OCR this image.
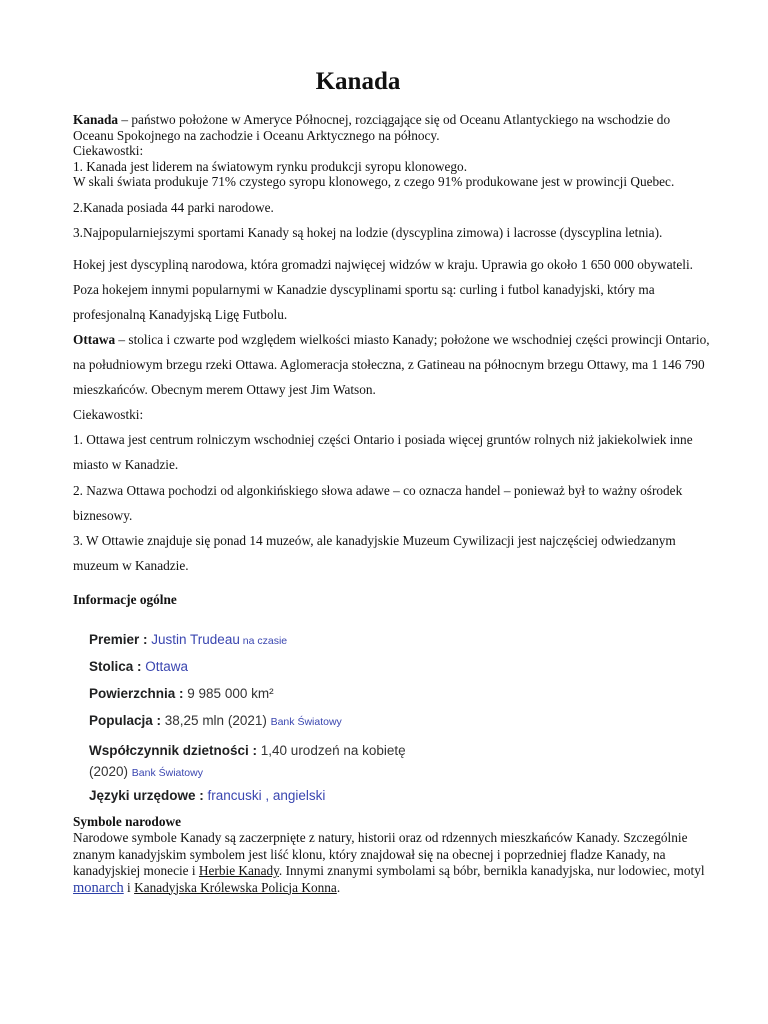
Kanada

Kanada – państwo położone w Ameryce Północnej, rozciągające się od Oceanu Atlantyckiego na wschodzie do Oceanu Spokojnego na zachodzie i Oceanu Arktycznego na północy.
Ciekawostki:
1. Kanada jest liderem na światowym rynku produkcji syropu klonowego.
W skali świata produkuje 71% czystego syropu klonowego, z czego 91% produkowane jest w prowincji Quebec.

2.Kanada posiada 44 parki narodowe.

3.Najpopularniejszymi sportami Kanady są hokej na lodzie (dyscyplina zimowa) i lacrosse (dyscyplina letnia).

Hokej jest dyscypliną narodowa, która gromadzi najwięcej widzów w kraju. Uprawia go około 1 650 000 obywateli. Poza hokejem innymi popularnymi w Kanadzie dyscyplinami sportu są: curling i futbol kanadyjski, który ma profesjonalną Kanadyjską Ligę Futbolu.

Ottawa – stolica i czwarte pod względem wielkości miasto Kanady; położone we wschodniej części prowincji Ontario, na południowym brzegu rzeki Ottawa. Aglomeracja stołeczna, z Gatineau na północnym brzegu Ottawy, ma 1 146 790 mieszkańców. Obecnym merem Ottawy jest Jim Watson.

Ciekawostki:

1. Ottawa jest centrum rolniczym wschodniej części Ontario i posiada więcej gruntów rolnych niż jakiekolwiek inne miasto w Kanadzie.

2. Nazwa Ottawa pochodzi od algonkińskiego słowa adawe – co oznacza handel – ponieważ był to ważny ośrodek biznesowy.

3. W Ottawie znajduje się ponad 14 muzeów, ale kanadyjskie Muzeum Cywilizacji jest najczęściej odwiedzanym muzeum w Kanadzie.

Informacje ogólne

Premier : Justin Trudeau na czasie

Stolica : Ottawa

Powierzchnia : 9 985 000 km²

Populacja : 38,25 mln (2021) Bank Światowy

Współczynnik dzietności : 1,40 urodzeń na kobietę
(2020) Bank Światowy

Języki urzędowe : francuski , angielski

Symbole narodowe

Narodowe symbole Kanady są zaczerpnięte z natury, historii oraz od rdzennych mieszkańców Kanady. Szczególnie znanym kanadyjskim symbolem jest liść klonu, który znajdował się na obecnej i poprzedniej fladze Kanady, na kanadyjskiej monecie i Herbie Kanady. Innymi znanymi symbolami są bóbr, bernikla kanadyjska, nur lodowiec, motyl monarch i Kanadyjska Królewska Policja Konna.
